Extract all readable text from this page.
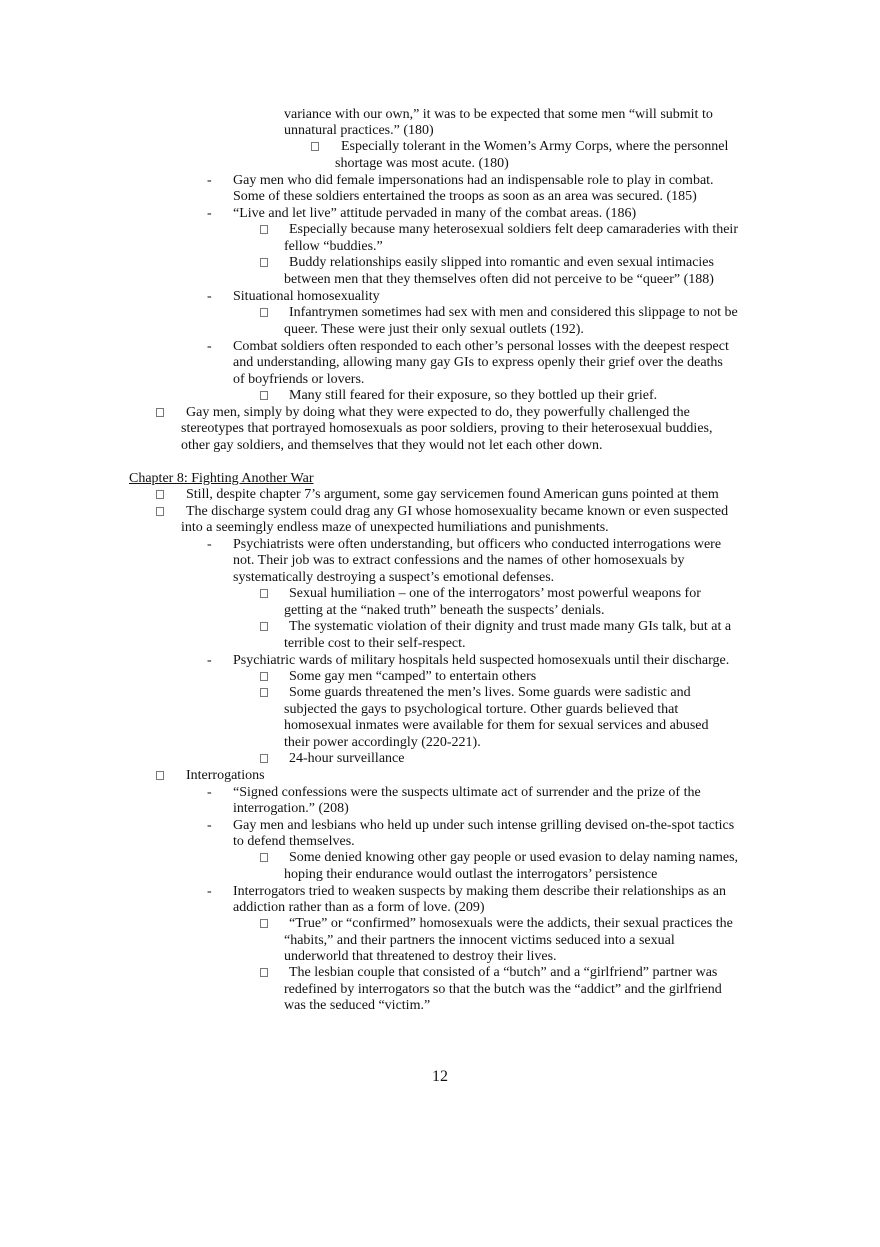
variance with our own,” it was to be expected that some men “will submit to
unnatural practices.” (180)
Especially tolerant in the Women’s Army Corps, where the personnel
shortage was most acute. (180)
- Gay men who did female impersonations had an indispensable role to play in combat.
Some of these soldiers entertained the troops as soon as an area was secured. (185)
- “Live and let live” attitude pervaded in many of the combat areas. (186)
Especially because many heterosexual soldiers felt deep camaraderies with their
fellow “buddies.”
Buddy relationships easily slipped into romantic and even sexual intimacies
between men that they themselves often did not perceive to be “queer” (188)
- Situational homosexuality
Infantrymen sometimes had sex with men and considered this slippage to not be
queer. These were just their only sexual outlets (192).
- Combat soldiers often responded to each other’s personal losses with the deepest respect
and understanding, allowing many gay GIs to express openly their grief over the deaths
of boyfriends or lovers.
Many still feared for their exposure, so they bottled up their grief.
Gay men, simply by doing what they were expected to do, they powerfully challenged the
stereotypes that portrayed homosexuals as poor soldiers, proving to their heterosexual buddies,
other gay soldiers, and themselves that they would not let each other down.
Chapter 8: Fighting Another War
Still, despite chapter 7’s argument, some gay servicemen found American guns pointed at them
The discharge system could drag any GI whose homosexuality became known or even suspected
into a seemingly endless maze of unexpected humiliations and punishments.
- Psychiatrists were often understanding, but officers who conducted interrogations were
not. Their job was to extract confessions and the names of other homosexuals by
systematically destroying a suspect’s emotional defenses.
Sexual humiliation – one of the interrogators’ most powerful weapons for
getting at the “naked truth” beneath the suspects’ denials.
The systematic violation of their dignity and trust made many GIs talk, but at a
terrible cost to their self-respect.
- Psychiatric wards of military hospitals held suspected homosexuals until their discharge.
Some gay men “camped” to entertain others
Some guards threatened the men’s lives. Some guards were sadistic and
subjected the gays to psychological torture. Other guards believed that
homosexual inmates were available for them for sexual services and abused
their power accordingly (220-221).
24-hour surveillance
Interrogations
- “Signed confessions were the suspects ultimate act of surrender and the prize of the
interrogation.” (208)
- Gay men and lesbians who held up under such intense grilling devised on-the-spot tactics
to defend themselves.
Some denied knowing other gay people or used evasion to delay naming names,
hoping their endurance would outlast the interrogators’ persistence
- Interrogators tried to weaken suspects by making them describe their relationships as an
addiction rather than as a form of love. (209)
“True” or “confirmed” homosexuals were the addicts, their sexual practices the
“habits,” and their partners the innocent victims seduced into a sexual
underworld that threatened to destroy their lives.
The lesbian couple that consisted of a “butch” and a “girlfriend” partner was
redefined by interrogators so that the butch was the “addict” and the girlfriend
was the seduced “victim.”
12
